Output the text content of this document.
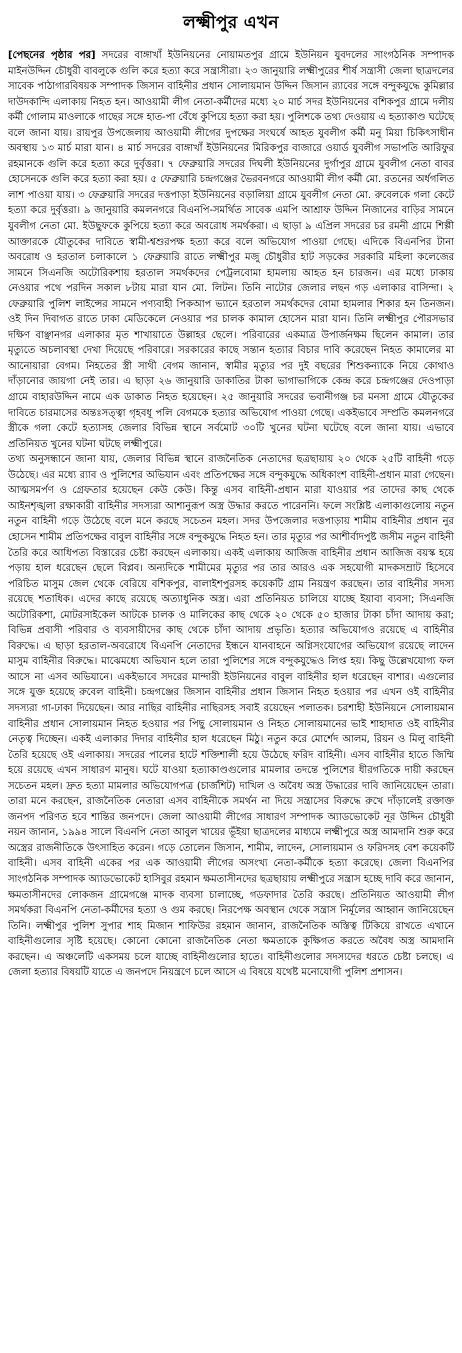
লক্ষ্মীপুর এখন

[পেছনের পৃষ্ঠার পর] সদরের বাঙ্গাখাঁ ইউনিয়নের নোয়ামতপুর গ্রামে ইউনিয়ন যুবদলের সাংগঠনিক সম্পাদক মাইনউদ্দিন চৌধুরী বাবলুকে গুলি করে হত্যা করে সন্ত্রাসীরা। ২৩ জানুয়ারি লক্ষ্মীপুরের শীর্ষ সন্ত্রাসী জেলা ছাত্রদলের সাবেক পাঠাগারবিষয়ক সম্পাদক জিসান বাহিনীর প্রধান সোলায়মান উদ্দিন জিসান র‍্যাবের সঙ্গে বন্দুকযুদ্ধে কুমিল্লার দাউদকান্দি এলাকায় নিহত হন। আওয়ামী লীগ নেতা-কর্মীদের মধ্যে ২০ মার্চ সদর ইউনিয়নের বশিকপুর গ্রামে দলীয় কর্মী গোলাম মাওলাকে গাছের সঙ্গে হাত-পা বেঁধে কুপিয়ে হত্যা করা হয়। পুলিশকে তথ্য দেওয়ায় এ হত্যাকাণ্ড ঘটেছে বলে জানা যায়। রায়পুর উপজেলায় আওয়ামী লীগের দুপক্ষের সংঘর্ষে আহত যুবলীগ কর্মী মনু মিয়া চিকিৎসাধীন অবস্থায় ১৩ মার্চ মারা যান। ৪ মার্চ সদরের বাঙ্গাখাঁ ইউনিয়নের মিরিকপুর বাজারে ওয়ার্ড যুবলীগ সভাপতি আরিফুর রহমানকে গুলি করে হত্যা করে দুর্বৃত্তরা। ৭ ফেব্রুয়ারি সদরের দিঘলী ইউনিয়নের দুর্গাপুর গ্রামে যুবলীগ নেতা বাবর হোসেনকে গুলি করে হত্যা করা হয়। ৫ ফেব্রুয়ারি চন্দ্রগঞ্জের ভৈরবনগরে আওয়ামী লীগ কর্মী মো. রতনের অর্ধগলিত লাশ পাওয়া যায়। ৩ ফেব্রুয়ারি সদরের দত্তপাড়া ইউনিয়নের বড়ালিয়া গ্রামে যুবলীগ নেতা মো. রুবেলকে গলা কেটে হত্যা করে দুর্বৃত্তরা। ৯ জানুয়ারি কমলনগরে বিএনপি-সমর্থিত সাবেক এমপি আশ্রাফ উদ্দিন নিজানের বাড়ির সামনে যুবলীগ নেতা মো. ইউছুফকে কুপিয়ে হত্যা করে অবরোধ সমর্থকরা। এ ছাড়া ৯ এপ্রিল সদরের চর রমনী গ্রামে শিল্পী আক্তারকে যৌতুকের দাবিতে স্বামী-শ্বশুরপক্ষ হত্যা করে বলে অভিযোগ পাওয়া গেছে। এদিকে বিএনপির টানা অবরোধ ও হরতাল চলাকালে ১ ফেব্রুয়ারি রাতে লক্ষ্মীপুর মজু চৌধুরীর হাট সড়কের সরকারি মহিলা কলেজের সামনে সিএনজি অটোরিকশায় হরতাল সমর্থকদের পেট্রলবোমা হামলায় আহত হন চারজন। এর মধ্যে ঢাকায় নেওয়ার পথে পরদিন সকাল ৮টায় মারা যান মো. লিটন। তিনি নাটোর জেলার লছন গড় এলাকার বাসিন্দা। ২ ফেব্রুয়ারি পুলিশ লাইন্সের সামনে পণ্যবাহী পিকআপ ভ্যানে হরতাল সমর্থকদের বোমা হামলার শিকার হন তিনজন। ওই দিন দিবাগত রাতে ঢাকা মেডিকেলে নেওয়ার পর চালক কামাল হোসেন মারা যান। তিনি লক্ষ্মীপুর পৌরসভার দক্ষিণ বাঞ্ছানগর এলাকার মৃত শাখায়াতে উল্লাহর ছেলে। পরিবারের একমাত্র উপার্জনক্ষম ছিলেন কামাল। তার মৃত্যুতে অচলাবস্থা দেখা দিয়েছে পরিবারে। সরকারের কাছে সন্তান হত্যার বিচার দাবি করেছেন নিহত কামালের মা আনোয়ারা বেগম। নিহতের স্ত্রী সাথী বেগম জানান, স্বামীর মৃত্যুর পর দুই বছরের শিশুকন্যাকে নিয়ে কোথাও দাঁড়ানোর জায়গা নেই তার। এ ছাড়া ২৬ জানুয়ারি ডাকাতির টাকা ভাগাভাগিকে কেন্দ্র করে চন্দ্রগঞ্জের দেওপাড়া গ্রামে বাহারউদ্দিন নামে এক ডাকাত নিহত হয়েছেন। ২৫ জানুয়ারি সদরের ভবানীগঞ্জ চর মনসা গ্রামে যৌতুকের দাবিতে চারমাসের অন্তঃসত্ত্বা গৃহবধূ পলি বেগমকে হত্যার অভিযোগ পাওয়া গেছে। একইভাবে সম্প্রতি কমলনগরে স্ত্রীকে গলা কেটে হত্যাসহ জেলার বিভিন্ন স্থানে সর্বমোট ৩০টি খুনের ঘটনা ঘটেছে বলে জানা যায়। এভাবে প্রতিনিয়ত খুনের ঘটনা ঘটছে লক্ষ্মীপুরে।

তথ্য অনুসন্ধানে জানা যায়, জেলার বিভিন্ন স্থানে রাজনৈতিক নেতাদের ছত্রছায়ায় ২০ থেকে ২৫টি বাহিনী গড়ে উঠেছে। এর মধ্যে র‍্যাব ও পুলিশের অভিযান এবং প্রতিপক্ষের সঙ্গে বন্দুকযুদ্ধে অধিকাংশ বাহিনী-প্রধান মারা গেছেন। আত্মসমর্পণ ও গ্রেফতার হয়েছেন কেউ কেউ। কিন্তু এসব বাহিনী-প্রধান মারা যাওয়ার পর তাদের কাছ থেকে আইনশৃঙ্খলা রক্ষাকারী বাহিনীর সদস্যরা আশানুরূপ অস্ত্র উদ্ধার করতে পারেননি। ফলে সংশ্লিষ্ট এলাকাগুলোয় নতুন নতুন বাহিনী গড়ে উঠেছে বলে মনে করছে সচেতন মহল। সদর উপজেলার দত্তপাড়ায় শামীম বাহিনীর প্রধান নুর হোসেন শামীম প্রতিপক্ষের বাবুল বাহিনীর সঙ্গে বন্দুকযুদ্ধে নিহত হন। তার মৃত্যুর পর আশীর্বাদপুষ্ট জসীম নতুন বাহিনী তৈরি করে আধিপত্য বিস্তারের চেষ্টা করছেন এলাকায়। একই এলাকায় আজিজ বাহিনীর প্রধান আজিজ বয়স্ক হয়ে পড়ায় হাল ধরেছেন ছেলে বিপ্লব। অন্যদিকে শামীমের মৃত্যুর পর তার আরও এক সহযোগী মাদকসম্রাট হিসেবে পরিচিত মাসুম জেল থেকে বেরিয়ে বশিকপুর, বালাইশপুরসহ কয়েকটি গ্রাম নিয়ন্ত্রণ করছেন। তার বাহিনীর সদস্য রয়েছে শতাধিক। এদের কাছে রয়েছে অত্যাধুনিক অস্ত্র। এরা প্রতিনিয়ত চালিয়ে যাচ্ছে ইয়াবা ব্যবসা; সিএনজি অটোরিকশা, মোটরসাইকেল আটকে চালক ও মালিকের কাছ থেকে ২০ থেকে ৫০ হাজার টাকা চাঁদা আদায় করা; বিভিন্ন প্রবাসী পরিবার ও ব্যবসায়ীদের কাছ থেকে চাঁদা আদায় প্রভৃতি। হত্যার অভিযোগও রয়েছে এ বাহিনীর বিরুদ্ধে। এ ছাড়া হরতাল-অবরোধে বিএনপি নেতাদের ইন্ধনে যানবাহনে অগ্নিসংযোগের অভিযোগ রয়েছে লাদেন মাসুম বাহিনীর বিরুদ্ধে। মাঝেমধ্যে অভিযান হলে তারা পুলিশের সঙ্গে বন্দুকযুদ্ধেও লিপ্ত হয়। কিছু উল্লেখযোগ্য ফল আসে না এসব অভিযানে। একইভাবে সদরের মান্দারী ইউনিয়নের বাবুল বাহিনীর হাল ধরেছেন বাশার। এগুলোর সঙ্গে যুক্ত হয়েছে রুবেল বাহিনী। চন্দ্রগঞ্জের জিসান বাহিনীর প্রধান জিসান নিহত হওয়ার পর এখন ওই বাহিনীর সদস্যরা গা-ঢাকা দিয়েছেন। আর নাছির বাহিনীর নাছিরসহ সবাই রয়েছেন পলাতক। চরশাহী ইউনিয়নে সোলায়মান বাহিনীর প্রধান সোলায়মান নিহত হওয়ার পর পিছু সোলায়মান ও নিহত সোলায়মানের ভাই শাহাদাত ওই বাহিনীর নেতৃত্ব দিচ্ছেন। একই এলাকার দিদার বাহিনীর হাল ধরেছেন মিঠু। নতুন করে মোর্শেদ আলম, রিয়ন ও মিলু বাহিনী তৈরি হয়েছে ওই এলাকায়। সদরের পালের হাটে শক্তিশালী হয়ে উঠেছে ফরিদ বাহিনী। এসব বাহিনীর হাতে জিম্মি হয়ে রয়েছে এখন সাধারণ মানুষ। ঘটে যাওয়া হত্যাকাণ্ডগুলোর মামলার তদন্তে পুলিশের ধীরগতিকে দায়ী করছেন সচেতন মহল। দ্রুত হত্যা মামলার অভিযোগপত্র (চার্জশিট) দাখিল ও অবৈধ অস্ত্র উদ্ধারের দাবি জানিয়েছেন তারা। তারা মনে করছেন, রাজনৈতিক নেতারা এসব বাহিনীকে সমর্থন না দিয়ে সন্ত্রাসের বিরুদ্ধে রুখে দাঁড়ালেই রক্তাক্ত জনপদ পরিণত হবে শান্তির জনপদে। জেলা আওয়ামী লীগের সাধারণ সম্পাদক অ্যাডভোকেট নূর উদ্দিন চৌধুরী নয়ন জানান, ১৯৯৪ সালে বিএনপি নেতা আবুল খায়ের ভূঁইয়া ছাত্রদলের মাধ্যমে লক্ষ্মীপুরে অস্ত্র আমদানি শুরু করে অস্ত্রের রাজনীতিকে উৎসাহিত করেন। গড়ে তোলেন জিসান, শামীম, লাদেন, সোলায়মান ও ফরিদসহ বেশ কয়েকটি বাহিনী। এসব বাহিনী একের পর এক আওয়ামী লীগের অসংখ্য নেতা-কর্মীকে হত্যা করেছে। জেলা বিএনপির সাংগঠনিক সম্পাদক অ্যাডভোকেট হাসিবুর রহমান ক্ষমতাসীনদের ছত্রছায়ায় লক্ষ্মীপুরে সন্ত্রাস হচ্ছে দাবি করে জানান, ক্ষমতাসীনদের লোকজন গ্রামেগঞ্জে মাদক ব্যবসা চালাচ্ছে, গডফাদার তৈরি করছে। প্রতিনিয়ত আওয়ামী লীগ সমর্থকরা বিএনপি নেতা-কর্মীদের হত্যা ও গুম করছে। নিরপেক্ষ অবস্থান থেকে সন্ত্রাস নির্মূলের আহ্বান জানিয়েছেন তিনি। লক্ষ্মীপুর পুলিশ সুপার শাহ মিজান শাফিউর রহমান জানান, রাজনৈতিক অস্তিত্ব টিকিয়ে রাখতে এখানে বাহিনীগুলোর সৃষ্টি হয়েছে। কোনো কোনো রাজনৈতিক নেতা ক্ষমতাকে কুক্ষিগত করতে অবৈধ অস্ত্র আমদানি করছেন। এ অঞ্চলেটি একসময় চলে যাচ্ছে বাহিনীগুলোর হাতে। বাহিনীগুলোর সদস্যদের ধরতে চেষ্টা চলছে। এ জেলা হত্যার বিষয়টি যাতে এ জনপদে নিয়ন্ত্রণে চলে আসে এ বিষয়ে যথেষ্ট মনোযোগী পুলিশ প্রশাসন।
